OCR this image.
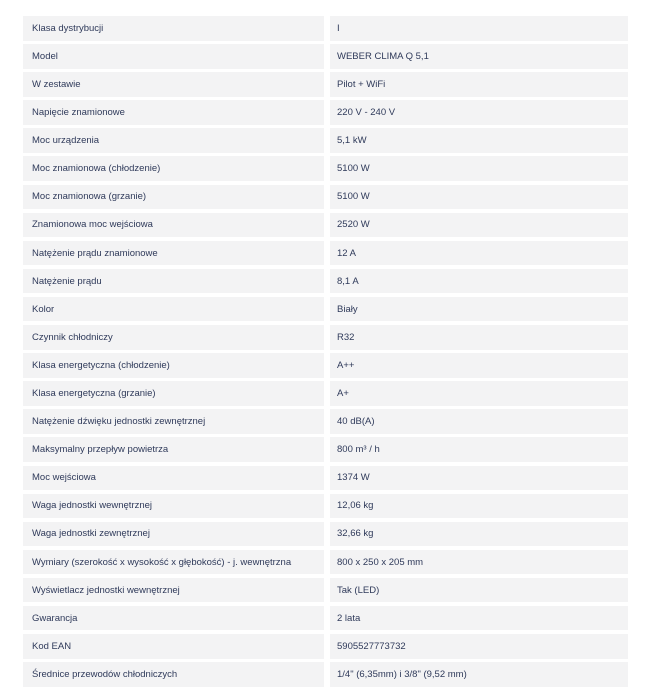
Klasa dystrybucji	I
Model	WEBER CLIMA Q 5,1
W zestawie	Pilot + WiFi
Napięcie znamionowe	220 V - 240 V
Moc urządzenia	5,1 kW
Moc znamionowa (chłodzenie)	5100 W
Moc znamionowa (grzanie)	5100 W
Znamionowa moc wejściowa	2520 W
Natężenie prądu znamionowe	12 A
Natężenie prądu	8,1 A
Kolor	Biały
Czynnik chłodniczy	R32
Klasa energetyczna (chłodzenie)	A++
Klasa energetyczna (grzanie)	A+
Natężenie dźwięku jednostki zewnętrznej	40 dB(A)
Maksymalny przepływ powietrza	800 m³ / h
Moc wejściowa	1374 W
Waga jednostki wewnętrznej	12,06 kg
Waga jednostki zewnętrznej	32,66 kg
Wymiary (szerokość x wysokość x głębokość) - j. wewnętrzna	800 x 250 x 205 mm
Wyświetlacz jednostki wewnętrznej	Tak (LED)
Gwarancja	2 lata
Kod EAN	5905527773732
Średnice przewodów chłodniczych	1/4" (6,35mm) i 3/8" (9,52 mm)
